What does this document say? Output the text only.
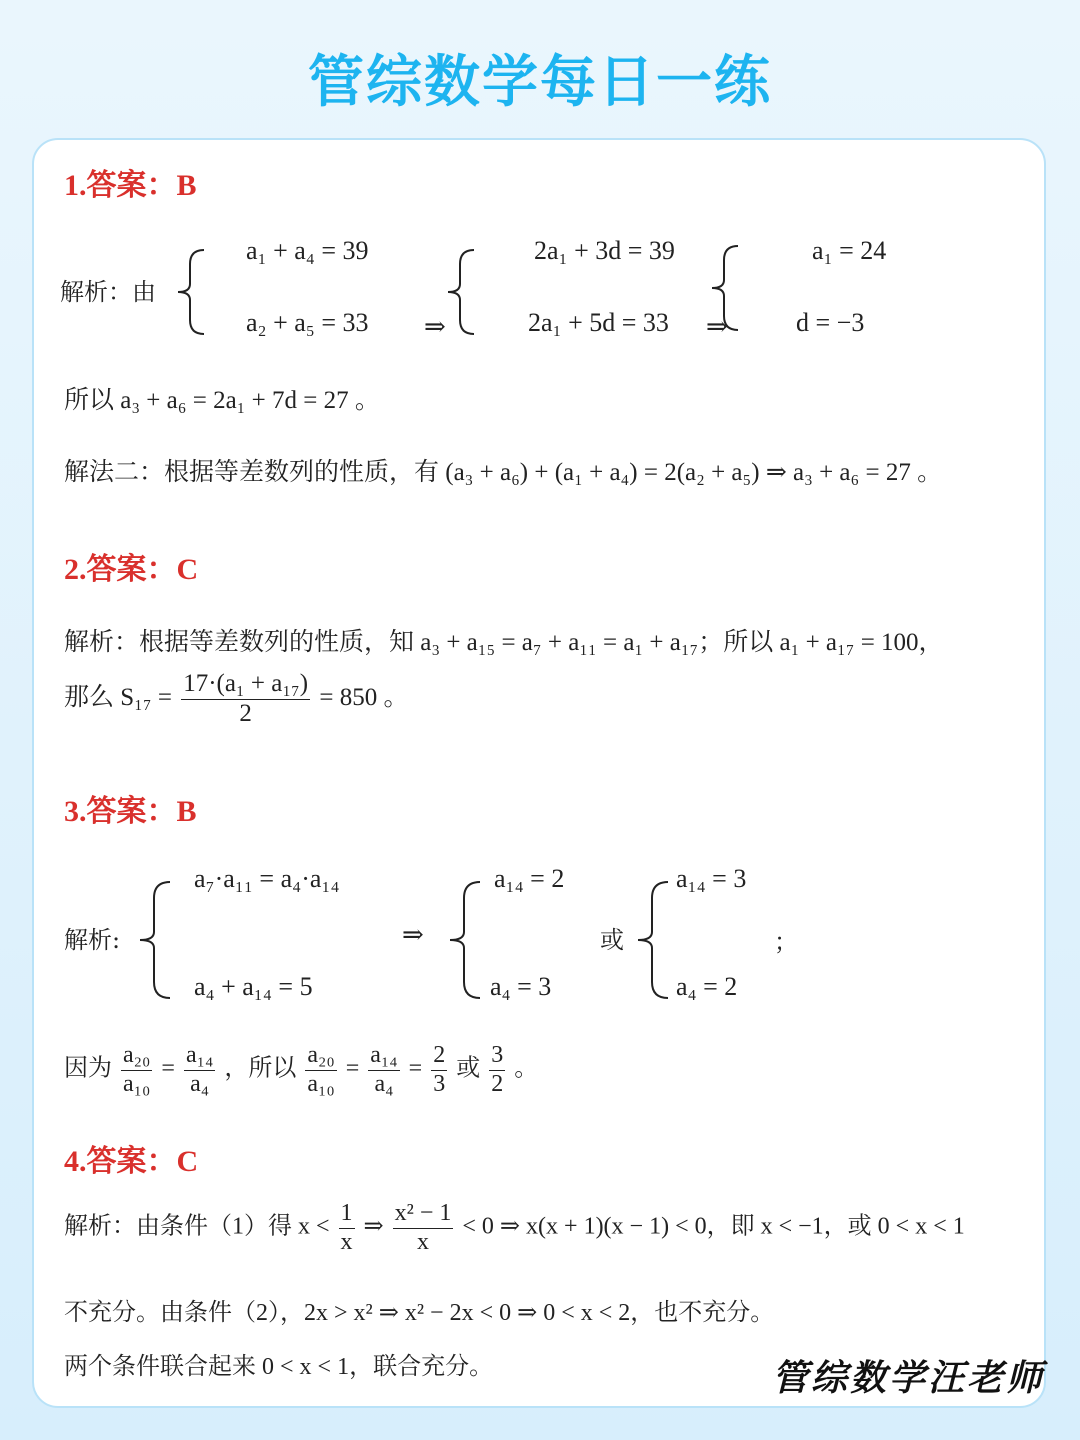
管综数学每日一练
1.答案：B
解析：由
a₁ + a₄ = 39
a₂ + a₅ = 33 ⇒
2a₁ + 3d = 39
2a₁ + 5d = 33 ⇒
a₁ = 24
d = −3
所以 a₃ + a₆ = 2a₁ + 7d = 27 。
解法二：根据等差数列的性质，有 (a₃ + a₆) + (a₁ + a₄) = 2(a₂ + a₅) ⇒ a₃ + a₆ = 27 。
2.答案：C
解析：根据等差数列的性质，知 a₃ + a₁₅ = a₇ + a₁₁ = a₁ + a₁₇；所以 a₁ + a₁₇ = 100，
那么 $S_{17} = \frac{\text{17·(a₁ + a₁₇)}}{2} = 850$ 。
3.答案：B
解析:
a₇·a₁₁ = a₄·a₁₄
a₄ + a₁₄ = 5
⇒
a₁₄ = 2
a₄ = 3
或
a₁₄ = 3
a₄ = 2
；
因为 $\frac{\text{a₂₀}}{\text{a₁₀}} = \frac{\text{a₁₄}}{\text{a₄}}$ ，所以 $\frac{\text{a₂₀}}{\text{a₁₀}} = \frac{\text{a₁₄}}{\text{a₄}} = \frac{2}{3}$ 或 $\frac{3}{2}$ 。
4.答案：C
解析：由条件（1）得 $x < \frac{1}{x}$ ⇒ $\frac{\text{x² − 1}}{x} < 0$ ⇒ x(x + 1)(x − 1) < 0，即 x < −1，或 0 < x < 1
不充分。由条件（2），2x > x² ⇒ x² − 2x < 0 ⇒ 0 < x < 2，也不充分。
两个条件联合起来 0 < x < 1，联合充分。	管综数学汪老师
